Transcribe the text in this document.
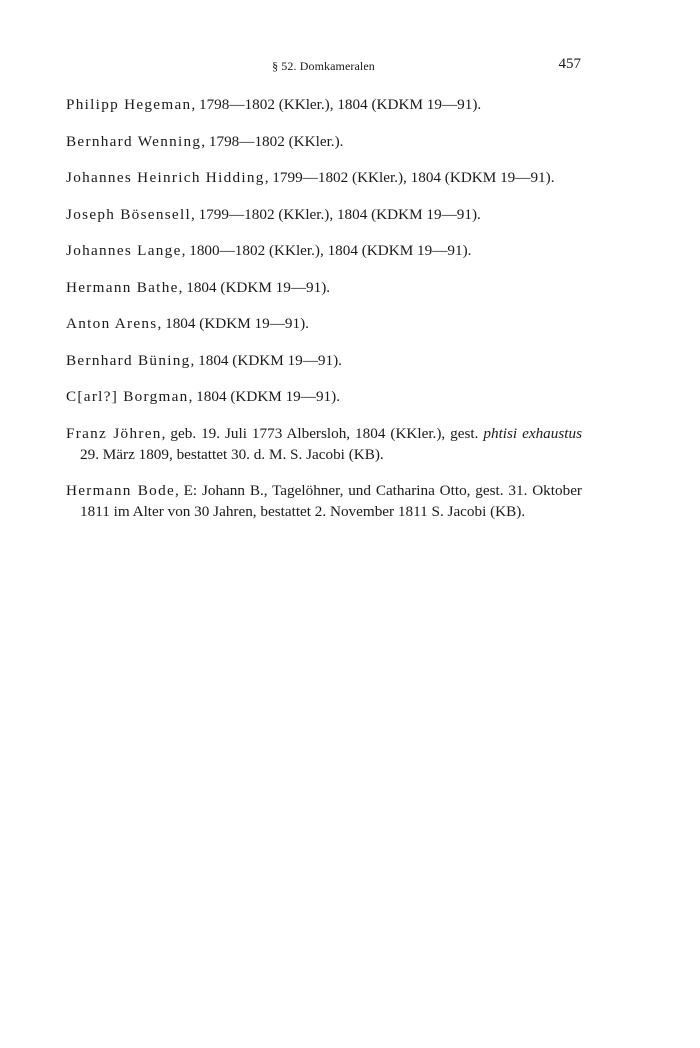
§ 52. Domkameralen	457

Philipp Hegeman, 1798—1802 (KKler.), 1804 (KDKM 19—91).

Bernhard Wenning, 1798—1802 (KKler.).

Johannes Heinrich Hidding, 1799—1802 (KKler.), 1804 (KDKM 19—91).

Joseph Bösensell, 1799—1802 (KKler.), 1804 (KDKM 19—91).

Johannes Lange, 1800—1802 (KKler.), 1804 (KDKM 19—91).

Hermann Bathe, 1804 (KDKM 19—91).

Anton Arens, 1804 (KDKM 19—91).

Bernhard Büning, 1804 (KDKM 19—91).

C[arl?] Borgman, 1804 (KDKM 19—91).

Franz Jöhren, geb. 19. Juli 1773 Albersloh, 1804 (KKler.), gest. phtisi exhaustus 29. März 1809, bestattet 30. d. M. S. Jacobi (KB).

Hermann Bode, E: Johann B., Tagelöhner, und Catharina Otto, gest. 31. Oktober 1811 im Alter von 30 Jahren, bestattet 2. November 1811 S. Jacobi (KB).
